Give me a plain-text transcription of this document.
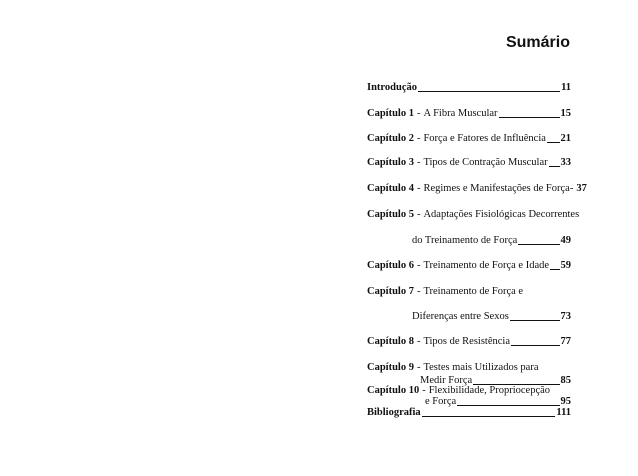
Sumário
Introdução	11
Capítulo 1 - A Fibra Muscular	15
Capítulo 2 - Força e Fatores de Influência 21
Capítulo 3 - Tipos de Contração Muscular 33
Capítulo 4 - Regimes e Manifestações de Força- 37
Capítulo 5 - Adaptações Fisiológicas Decorrentes
do Treinamento de Força	49
Capítulo 6 - Treinamento de Força e Idade 59
Capítulo 7 - Treinamento de Força e
Diferenças entre Sexos	73
Capítulo 8 - Tipos de Resistência	77
Capítulo 9 - Testes mais Utilizados para
Medir Força	85
Capítulo 10 - Flexibilidade, Propriocepção
e Força	95
Bibliografia	111
